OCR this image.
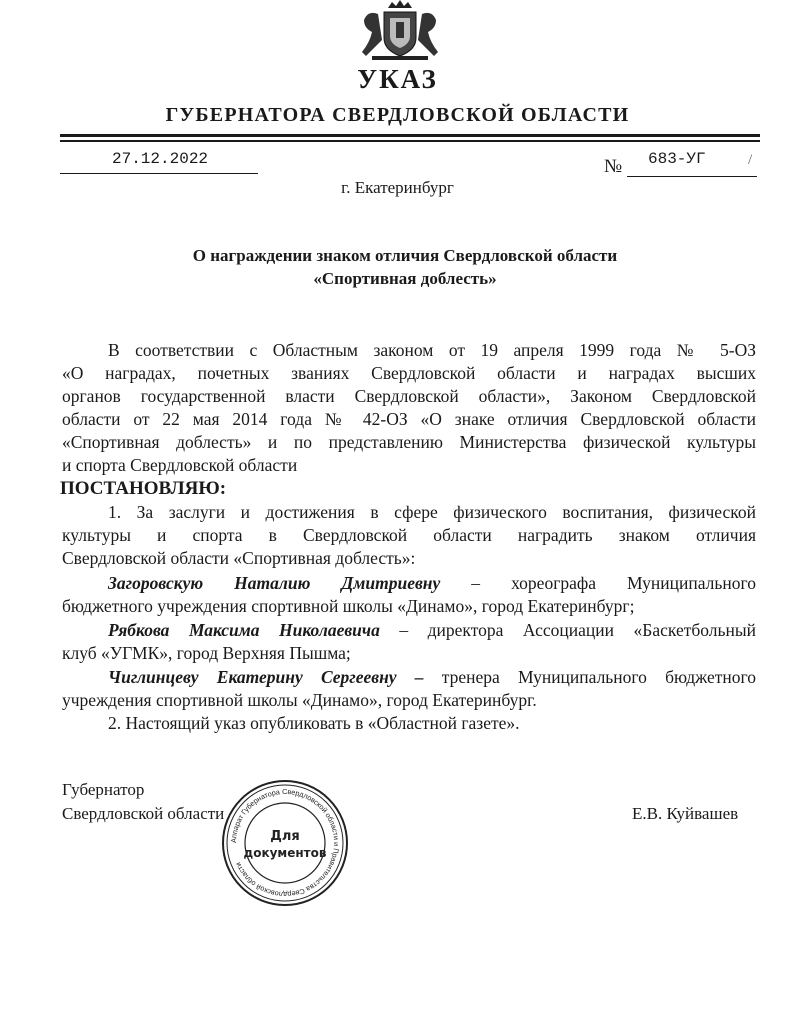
УКАЗ
ГУБЕРНАТОРА СВЕРДЛОВСКОЙ ОБЛАСТИ
27.12.2022	№ 683-УГ	/
г. Екатеринбург
О награждении знаком отличия Свердловской области
«Спортивная доблесть»
В соответствии с Областным законом от 19 апреля 1999 года № 5-ОЗ
«О наградах, почетных званиях Свердловской области и наградах высших
органов государственной власти Свердловской области», Законом Свердловской
области от 22 мая 2014 года № 42-ОЗ «О знаке отличия Свердловской области
«Спортивная доблесть» и по представлению Министерства физической культуры
и спорта Свердловской области
ПОСТАНОВЛЯЮ:
1. За заслуги и достижения в сфере физического воспитания, физической
культуры и спорта в Свердловской области наградить знаком отличия
Свердловской области «Спортивная доблесть»:
Загоровскую Наталию Дмитриевну – хореографа Муниципального
бюджетного учреждения спортивной школы «Динамо», город Екатеринбург;
Рябкова Максима Николаевича – директора Ассоциации «Баскетбольный
клуб «УГМК», город Верхняя Пышма;
Чиглинцеву Екатерину Сергеевну – тренера Муниципального бюджетного
учреждения спортивной школы «Динамо», город Екатеринбург.
2. Настоящий указ опубликовать в «Областной газете».
Губернатор
Свердловской области	Е.В. Куйвашев
Аппарат Губернатора Свердловской области и Правительства Свердловской области
Для
документов
